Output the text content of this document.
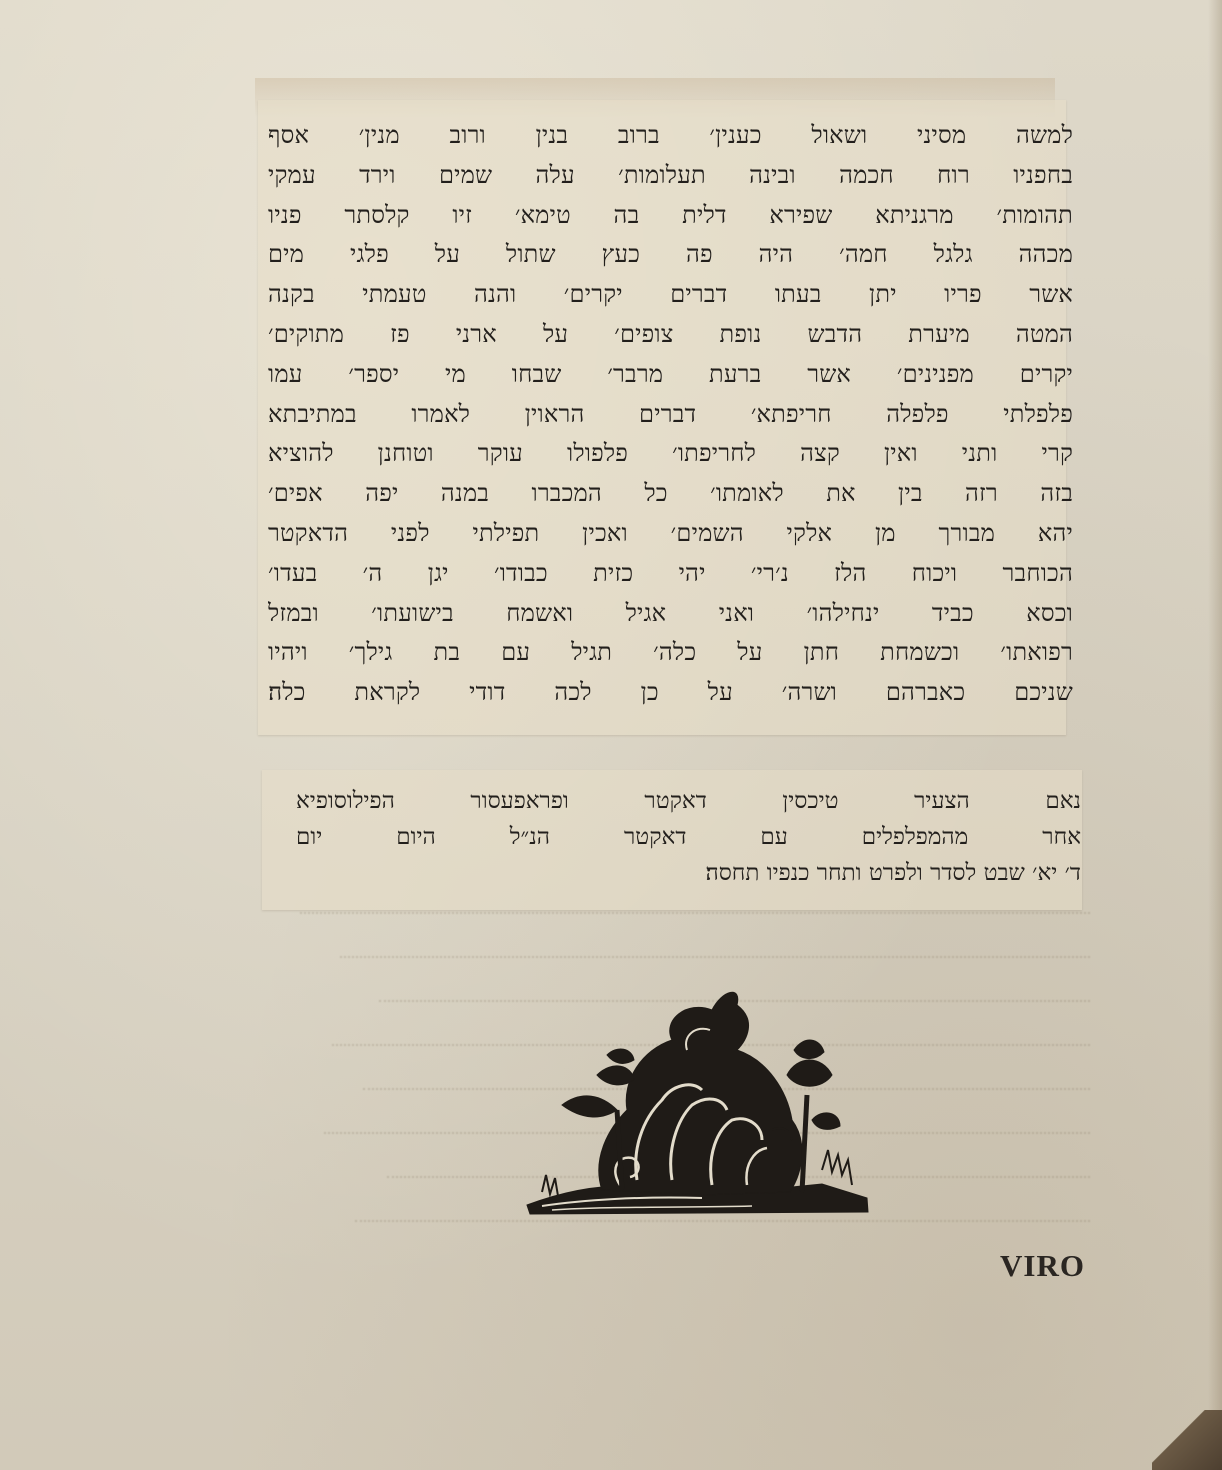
למשה מסיני ושאול כענין׳ ברוב בנין ורוב מנין׳ אסף
בחפניו רוח חכמה ובינה תעלומות׳ עלה שמים וירד עמקי
תהומות׳ מרגניתא שפירא דלית בה טימא׳ זיו קלסתר פניו
מכהה גלגל חמה׳ היה פה כעץ שתול על פלגי מים
אשר פריו יתן בעתו דברים יקרים׳ והנה טעמתי בקנה
המטה מיערת הדבש נופת צופים׳ על ארני פז מתוקים׳
יקרים מפנינים׳ אשר ברעת מרבר׳ שבחו מי יספר׳ עמו
פלפלתי פלפלה חריפתא׳ דברים הראוין לאמרו במתיבתא
קרי ותני ואין קצה לחריפתו׳ פלפולו עוקר וטוחנן להוציא
בזה רזה בין את לאומתו׳ כל המכברו במנה יפה אפים׳
יהא מבורך מן אלקי השמים׳ ואכין תפילתי לפני הדאקטר
הכוחבר ויכוח הלז נ׳רי׳ יהי כזית כבודו׳ יגן ה׳ בעדו׳
וכסא כביד ינחילהו׳ ואני אגיל ואשמח בישועתו׳ ובמזל
רפואתו׳ וכשמחת חתן על כלה׳ תגיל עם בת גילך׳ ויהיו
שניכם כאברהם ושרה׳ על כן לכה דודי לקראת כלה׃
נאם הצעיר טיכסין דאקטר ופראפעסור הפילוסופיא
אחר מהמפלפלים עם דאקטר הנ״ל היום יום
ד׳ יא׳ שבט לסדר ולפרט ותחר כנפיו תחסה׃
VIRO
